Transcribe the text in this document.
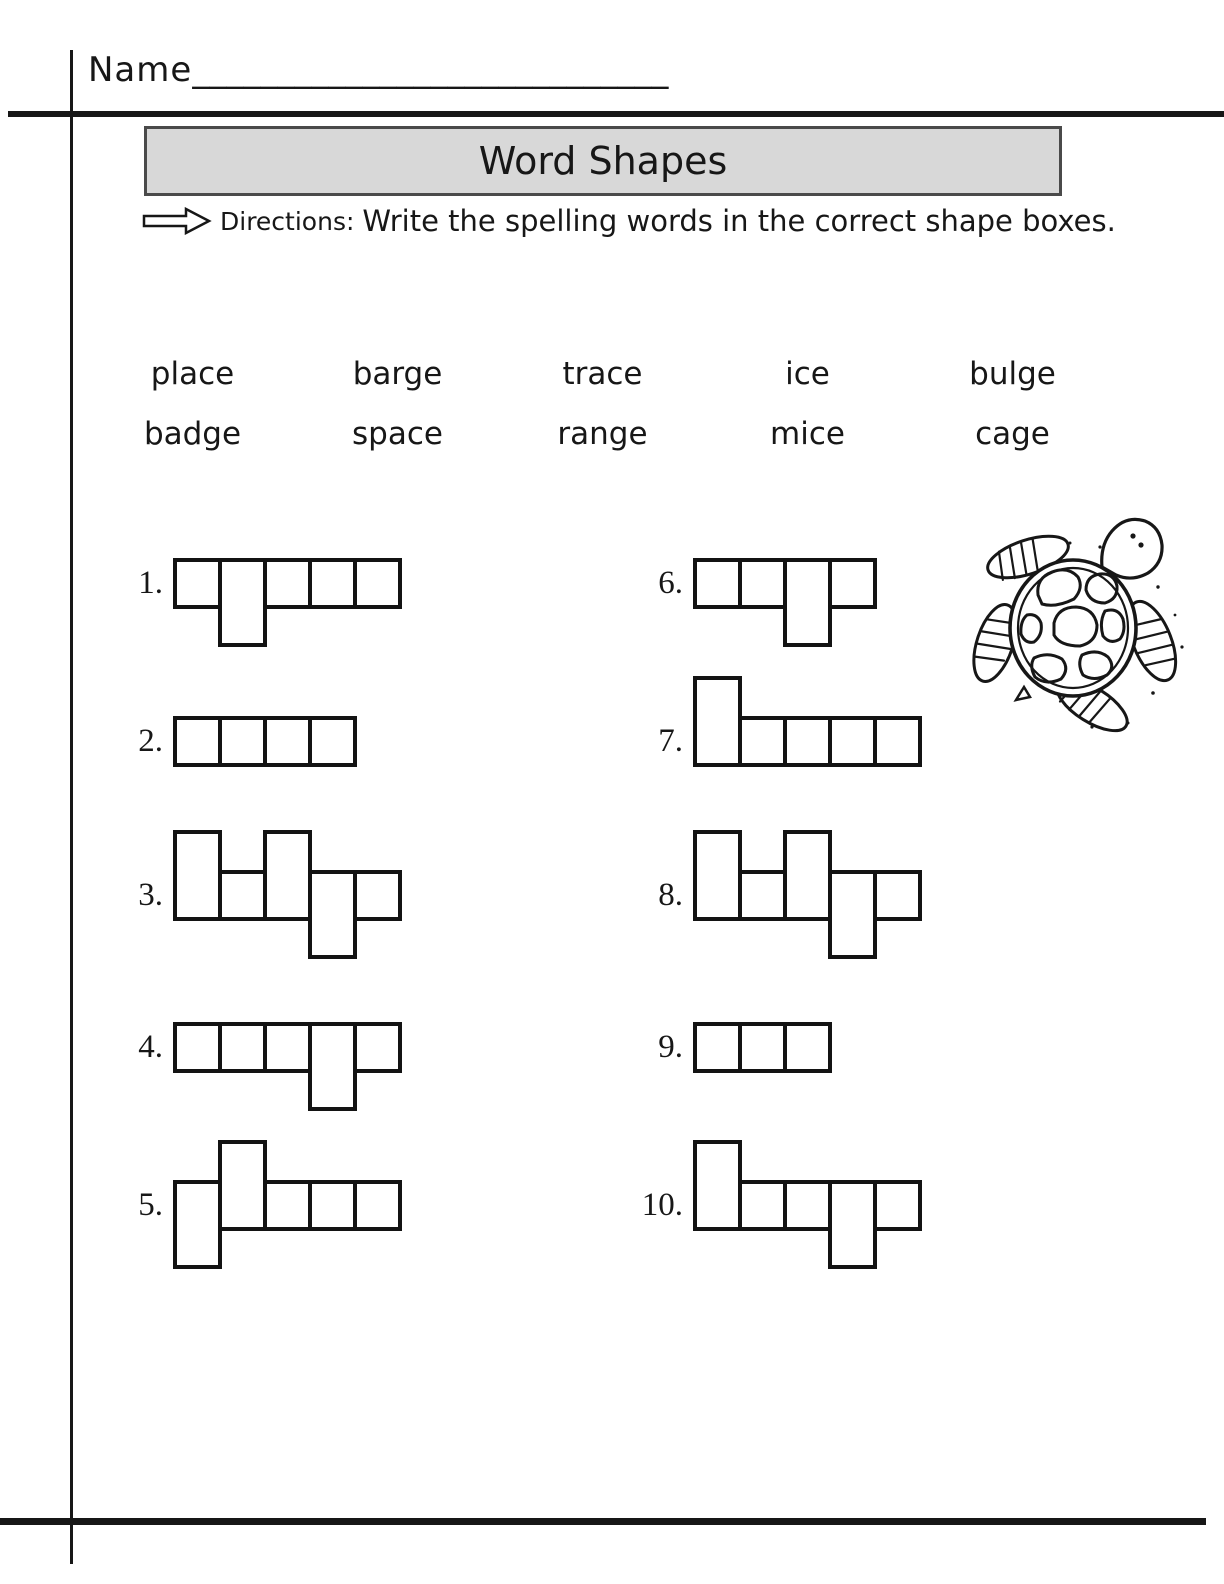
Name____________________________
Word Shapes
Directions: Write the spelling words in the correct shape boxes.
place	barge	trace	ice	bulge
badge	space	range	mice	cage
1.
2.
3.
4.
5.
6.
7.
8.
9.
10.
